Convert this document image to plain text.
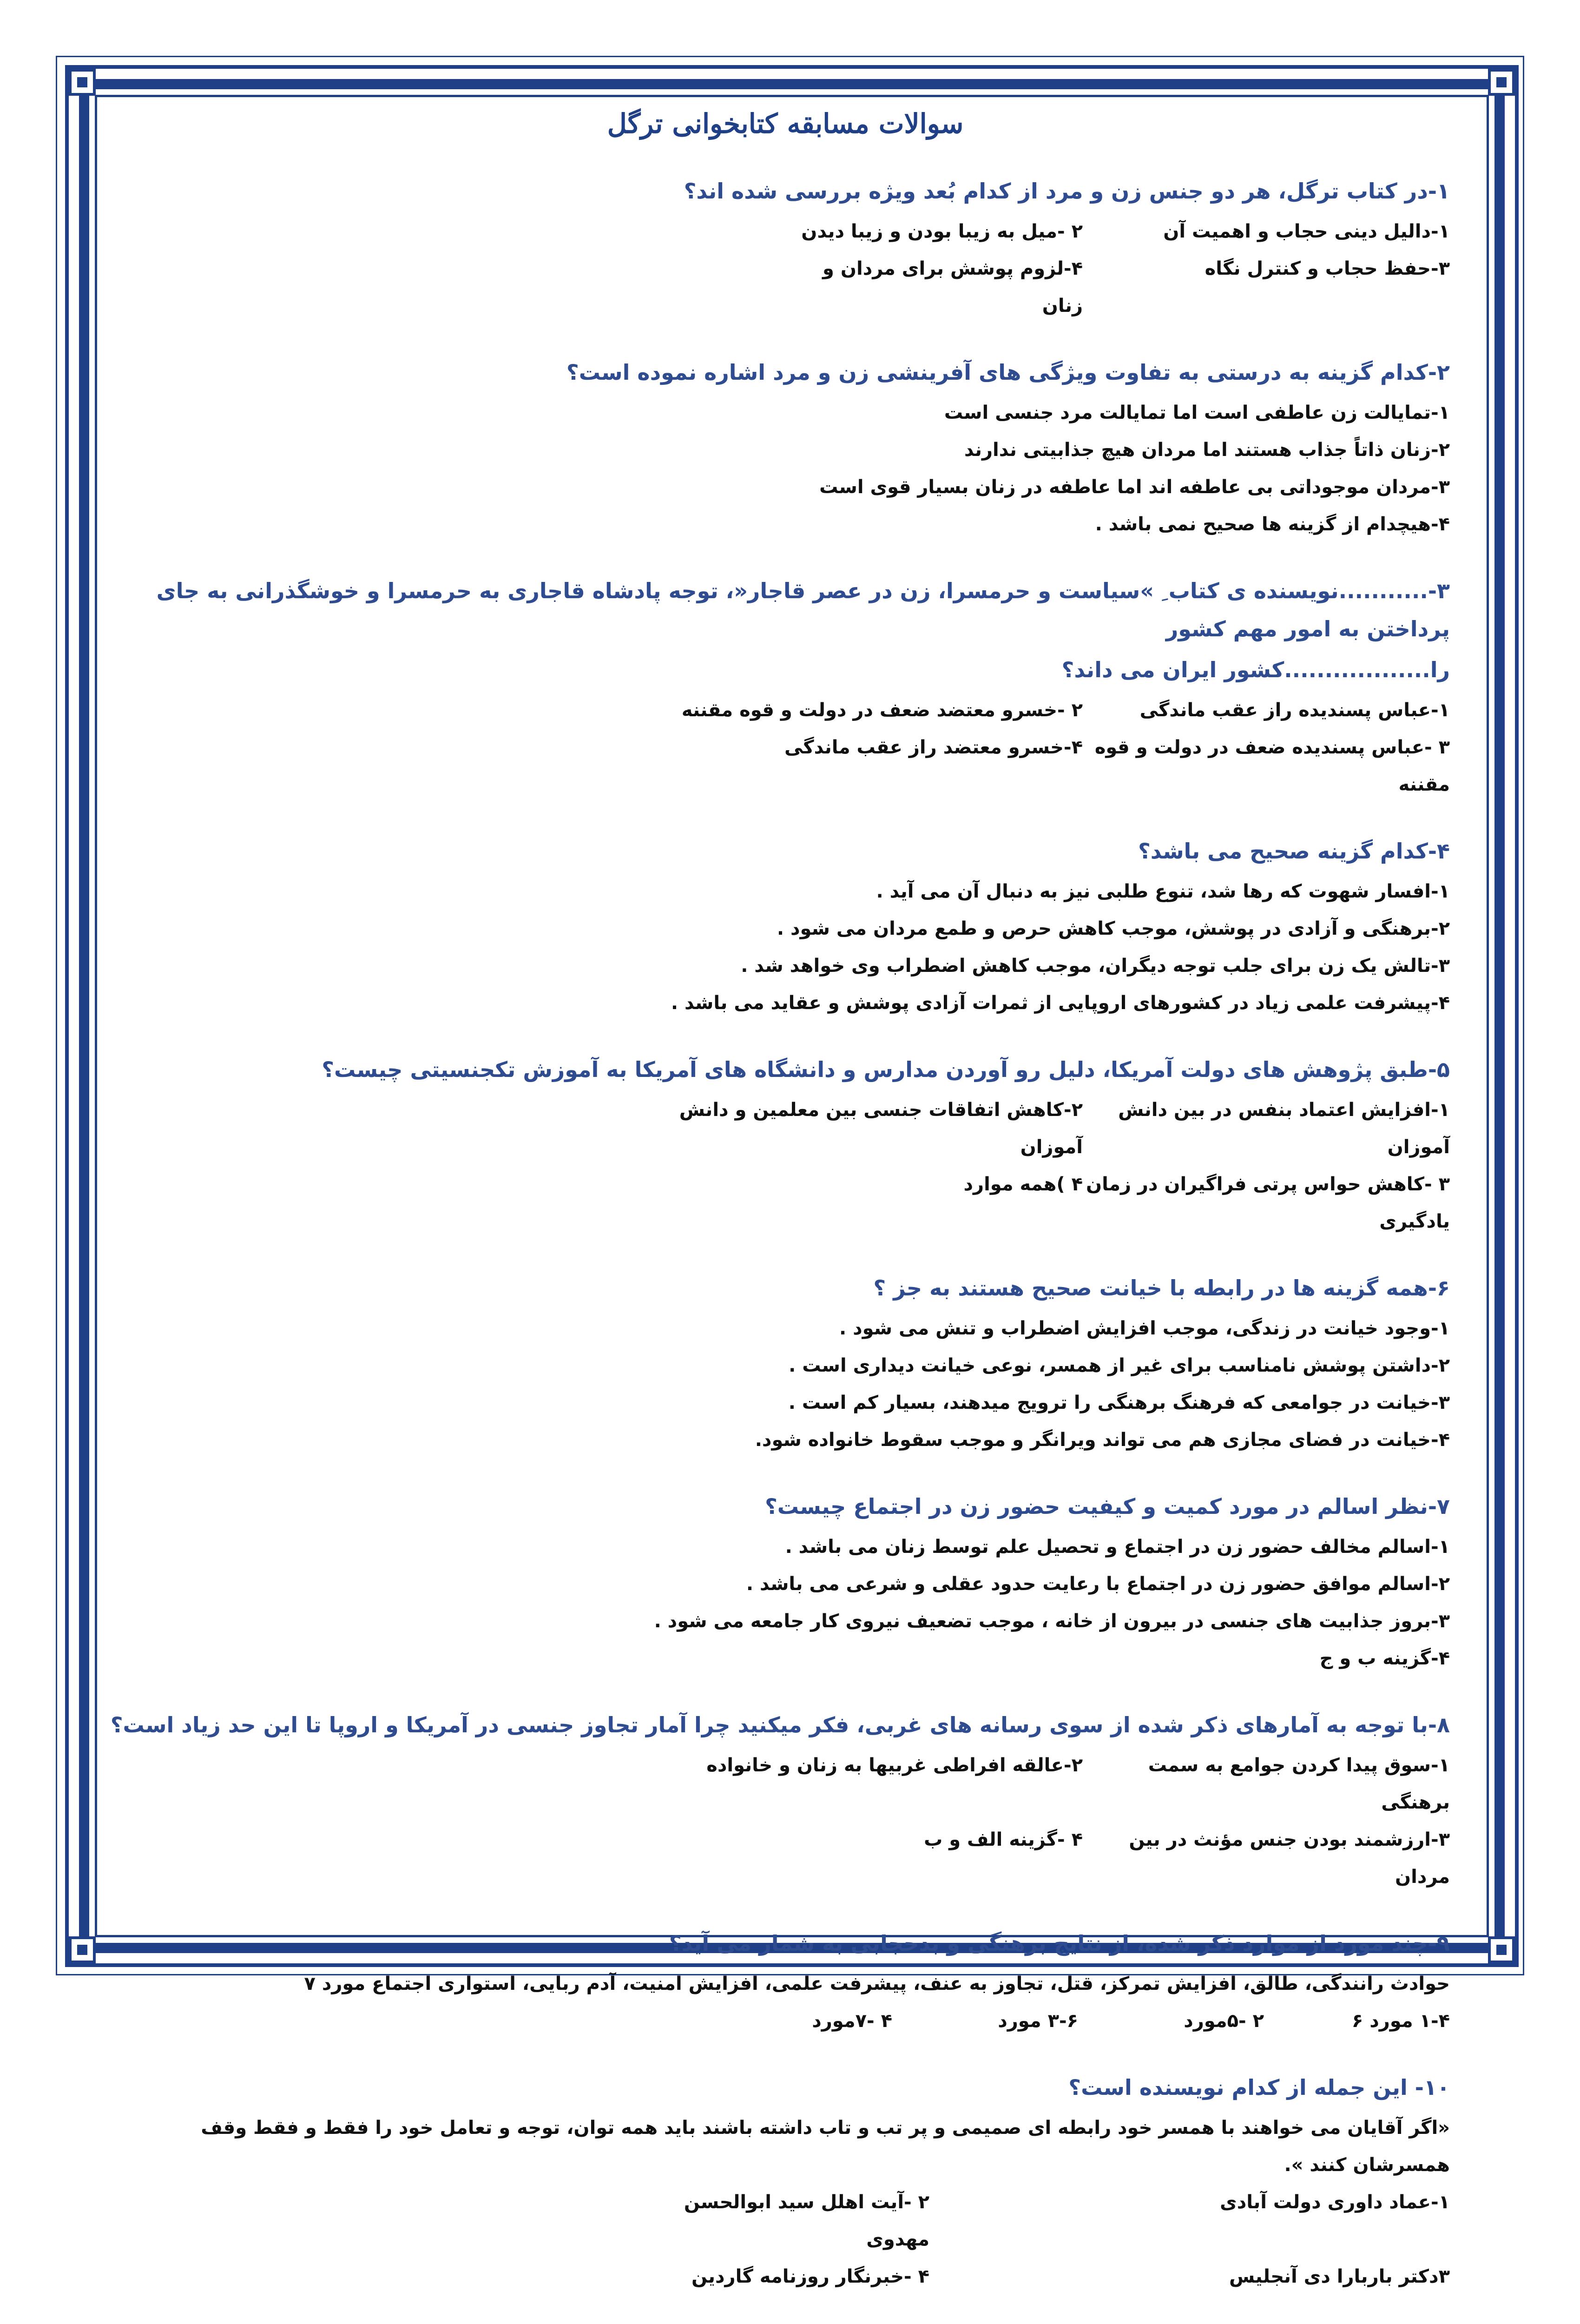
سوالات مسابقه کتابخوانی ترگل
۱-در کتاب ترگل، هر دو جنس زن و مرد از کدام بُعد ویژه بررسی شده اند؟
۱-دالیل دینی حجاب و اهمیت آن
۲ -میل به زیبا بودن و زیبا دیدن
۳-حفظ حجاب و کنترل نگاه
۴-لزوم پوشش برای مردان و زنان
۲-کدام گزینه به درستی به تفاوت ویژگی های آفرینشی زن و مرد اشاره نموده است؟
۱-تمایالت زن عاطفی است اما تمایالت مرد جنسی است
۲-زنان ذاتاً جذاب هستند اما مردان هیچ جذابیتی ندارند
۳-مردان موجوداتی بی عاطفه اند اما عاطفه در زنان بسیار قوی است
۴-هیچدام از گزینه ها صحیح نمی باشد .
۳-...........نویسنده ی کتاب ِ »سیاست و حرمسرا، زن در عصر قاجار«، توجه پادشاه قاجاری به حرمسرا و خوشگذرانی به جای پرداختن به امور مهم کشور
را..................کشور ایران می داند؟
۱-عباس پسندیده راز عقب ماندگی
۲ -خسرو معتضد ضعف در دولت و قوه مقننه
۳ -عباس پسندیده ضعف در دولت و قوه مقننه
۴-خسرو معتضد راز عقب ماندگی
۴-کدام گزینه صحیح می باشد؟
۱-افسار شهوت که رها شد، تنوع طلبی نیز به دنبال آن می آید .
۲-برهنگی و آزادی در پوشش، موجب کاهش حرص و طمع مردان می شود .
۳-تالش یک زن برای جلب توجه دیگران، موجب کاهش اضطراب وی خواهد شد .
۴-پیشرفت علمی زیاد در کشورهای اروپایی از ثمرات آزادی پوشش و عقاید می باشد .
۵-طبق پژوهش های دولت آمریکا، دلیل رو آوردن مدارس و دانشگاه های آمریکا به آموزش تکجنسیتی چیست؟
۱-افزایش اعتماد بنفس در بین دانش آموزان
۲-کاهش اتفاقات جنسی بین معلمین و دانش آموزان
۳ -کاهش حواس پرتی فراگیران در زمان یادگیری
۴ )همه موارد
۶-همه گزینه ها در رابطه با خیانت صحیح هستند به جز ؟
۱-وجود خیانت در زندگی، موجب افزایش اضطراب و تنش می شود .
۲-داشتن پوشش نامناسب برای غیر از همسر، نوعی خیانت دیداری است .
۳-خیانت در جوامعی که فرهنگ برهنگی را ترویج میدهند، بسیار کم است .
۴-خیانت در فضای مجازی هم می تواند ویرانگر و موجب سقوط خانواده شود.
۷-نظر اسالم در مورد کمیت و کیفیت حضور زن در اجتماع چیست؟
۱-اسالم مخالف حضور زن در اجتماع و تحصیل علم توسط زنان می باشد .
۲-اسالم موافق حضور زن در اجتماع با رعایت حدود عقلی و شرعی می باشد .
۳-بروز جذابیت های جنسی در بیرون از خانه ، موجب تضعیف نیروی کار جامعه می شود .
۴-گزینه ب و ج
۸-با توجه به آمارهای ذکر شده از سوی رسانه های غربی، فکر میکنید چرا آمار تجاوز جنسی در آمریکا و اروپا تا این حد زیاد است؟
۱-سوق پیدا کردن جوامع به سمت برهنگی
۲-عالقه افراطی غربیها به زنان و خانواده
۳-ارزشمند بودن جنس مؤنث در بین مردان
۴ -گزینه الف و ب
۹-چند مورد از موارد ذکر شده، از نتایج برهنگی و بدحجابی به شمار می آید؟
حوادث رانندگی، طالق، افزایش تمرکز، قتل، تجاوز به عنف، پیشرفت علمی، افزایش امنیت، آدم ربایی، استواری اجتماع مورد ۷
۱-۴ مورد ۶
۲ -۵مورد
۳-۶ مورد
۴ -۷مورد
۱۰- این جمله از کدام نویسنده است؟
«اگر آقایان می خواهند با همسر خود رابطه ای صمیمی و پر تب و تاب داشته باشند باید همه توان، توجه و تعامل خود را فقط و فقط وقف همسرشان کنند ».
۱-عماد داوری دولت آبادی
۲ -آیت اهلل سید ابوالحسن مهدوی
۳دکتر باربارا دی آنجلیس
۴ -خبرنگار روزنامه گاردین
